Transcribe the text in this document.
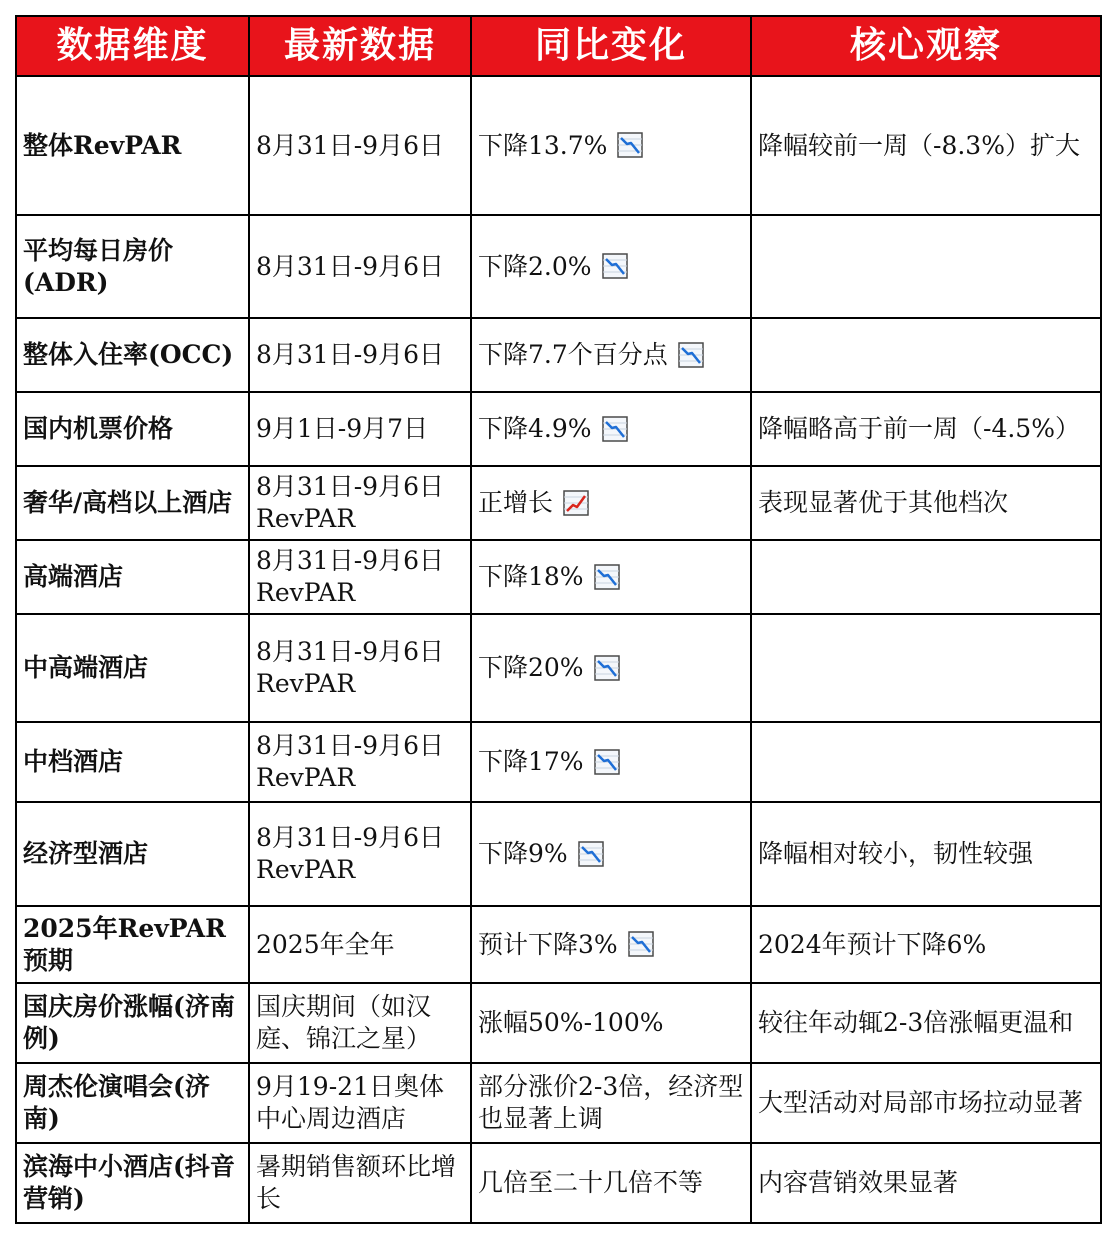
数据维度	最新数据	同比变化	核心观察
整体RevPAR	8月31日-9月6日	下降13.7%	降幅较前一周（-8.3%）扩大
平均每日房价(ADR)	8月31日-9月6日	下降2.0%	
整体入住率(OCC)	8月31日-9月6日	下降7.7个百分点	
国内机票价格	9月1日-9月7日	下降4.9%	降幅略高于前一周（-4.5%）
奢华/高档以上酒店	8月31日-9月6日 RevPAR	正增长	表现显著优于其他档次
高端酒店	8月31日-9月6日 RevPAR	下降18%	
中高端酒店	8月31日-9月6日 RevPAR	下降20%	
中档酒店	8月31日-9月6日 RevPAR	下降17%	
经济型酒店	8月31日-9月6日 RevPAR	下降9%	降幅相对较小，韧性较强
2025年RevPAR预期	2025年全年	预计下降3%	2024年预计下降6%
国庆房价涨幅(济南例)	国庆期间（如汉庭、锦江之星）	涨幅50%-100%	较往年动辄2-3倍涨幅更温和
周杰伦演唱会(济南)	9月19-21日奥体中心周边酒店	部分涨价2-3倍，经济型也显著上调	大型活动对局部市场拉动显著
滨海中小酒店(抖音营销)	暑期销售额环比增长	几倍至二十几倍不等	内容营销效果显著
